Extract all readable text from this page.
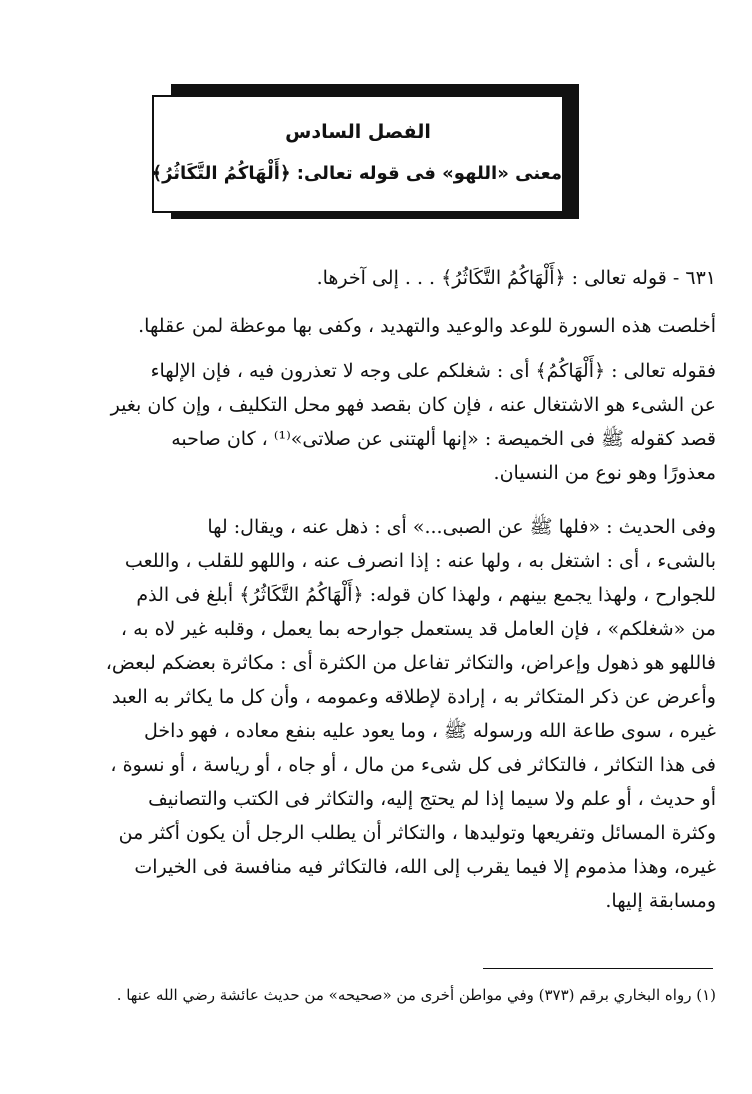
الفصل السادس
معنى «اللهو» فى قوله تعالى: ﴿أَلْهَاكُمُ التَّكَاثُرُ﴾
٦٣١ - قوله تعالى : ﴿أَلْهَاكُمُ التَّكَاثُرُ﴾ . . . إلى آخرها.
أخلصت هذه السورة للوعد والوعيد والتهديد ، وكفى بها موعظة لمن عقلها.
فقوله تعالى : ﴿أَلْهَاكُمُ﴾ أى : شغلكم على وجه لا تعذرون فيه ، فإن الإلهاء
عن الشىء هو الاشتغال عنه ، فإن كان بقصد فهو محل التكليف ، وإن كان بغير
قصد كقوله ﷺ فى الخميصة : «إنها ألهتنى عن صلاتى»⁽¹⁾ ، كان صاحبه
معذورًا وهو نوع من النسيان.
وفى الحديث : «فلها ﷺ عن الصبى...» أى : ذهل عنه ، ويقال: لها
بالشىء ، أى : اشتغل به ، ولها عنه : إذا انصرف عنه ، واللهو للقلب ، واللعب
للجوارح ، ولهذا يجمع بينهم ، ولهذا كان قوله: ﴿أَلْهَاكُمُ التَّكَاثُرُ﴾ أبلغ فى الذم
من «شغلكم» ، فإن العامل قد يستعمل جوارحه بما يعمل ، وقلبه غير لاه به ،
فاللهو هو ذهول وإعراض، والتكاثر تفاعل من الكثرة أى : مكاثرة بعضكم لبعض،
وأعرض عن ذكر المتكاثر به ، إرادة لإطلاقه وعمومه ، وأن كل ما يكاثر به العبد
غيره ، سوى طاعة الله ورسوله ﷺ ، وما يعود عليه بنفع معاده ، فهو داخل
فى هذا التكاثر ، فالتكاثر فى كل شىء من مال ، أو جاه ، أو رياسة ، أو نسوة ،
أو حديث ، أو علم ولا سيما إذا لم يحتج إليه، والتكاثر فى الكتب والتصانيف
وكثرة المسائل وتفريعها وتوليدها ، والتكاثر أن يطلب الرجل أن يكون أكثر من
غيره، وهذا مذموم إلا فيما يقرب إلى الله، فالتكاثر فيه منافسة فى الخيرات
ومسابقة إليها.
(١) رواه البخاري برقم (٣٧٣) وفي مواطن أخرى من «صحيحه» من حديث عائشة رضي الله عنها .
